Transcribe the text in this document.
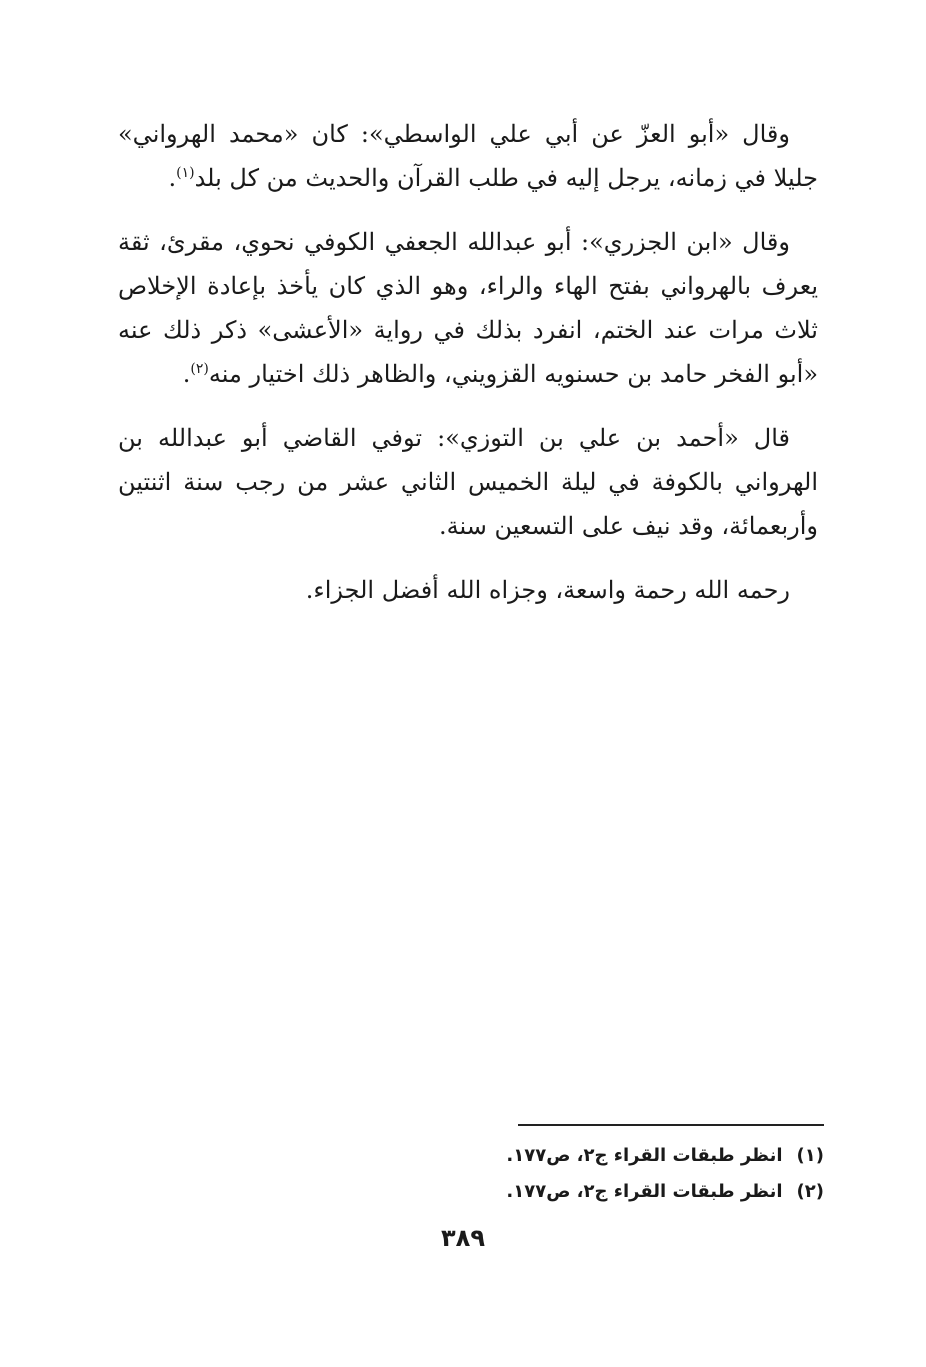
وقال «أبو العزّ عن أبي علي الواسطي»: كان «محمد الهرواني» جليلا في زمانه، يرجل إليه في طلب القرآن والحديث من كل بلد$^{(١)}$.

وقال «ابن الجزري»: أبو عبدالله الجعفي الكوفي نحوي، مقرئ، ثقة يعرف بالهرواني بفتح الهاء والراء، وهو الذي كان يأخذ بإعادة الإخلاص ثلاث مرات عند الختم، انفرد بذلك في رواية «الأعشى» ذكر ذلك عنه «أبو الفخر حامد بن حسنويه القزويني، والظاهر ذلك اختيار منه$^{(٢)}$.

قال «أحمد بن علي بن التوزي»: توفي القاضي أبو عبدالله بن الهرواني بالكوفة في ليلة الخميس الثاني عشر من رجب سنة اثنتين وأربعمائة، وقد نيف على التسعين سنة.

رحمه الله رحمة واسعة، وجزاه الله أفضل الجزاء.

(١)انظر طبقات القراء ج٢، ص١٧٧.
(٢)انظر طبقات القراء ج٢، ص١٧٧.
٣٨٩
